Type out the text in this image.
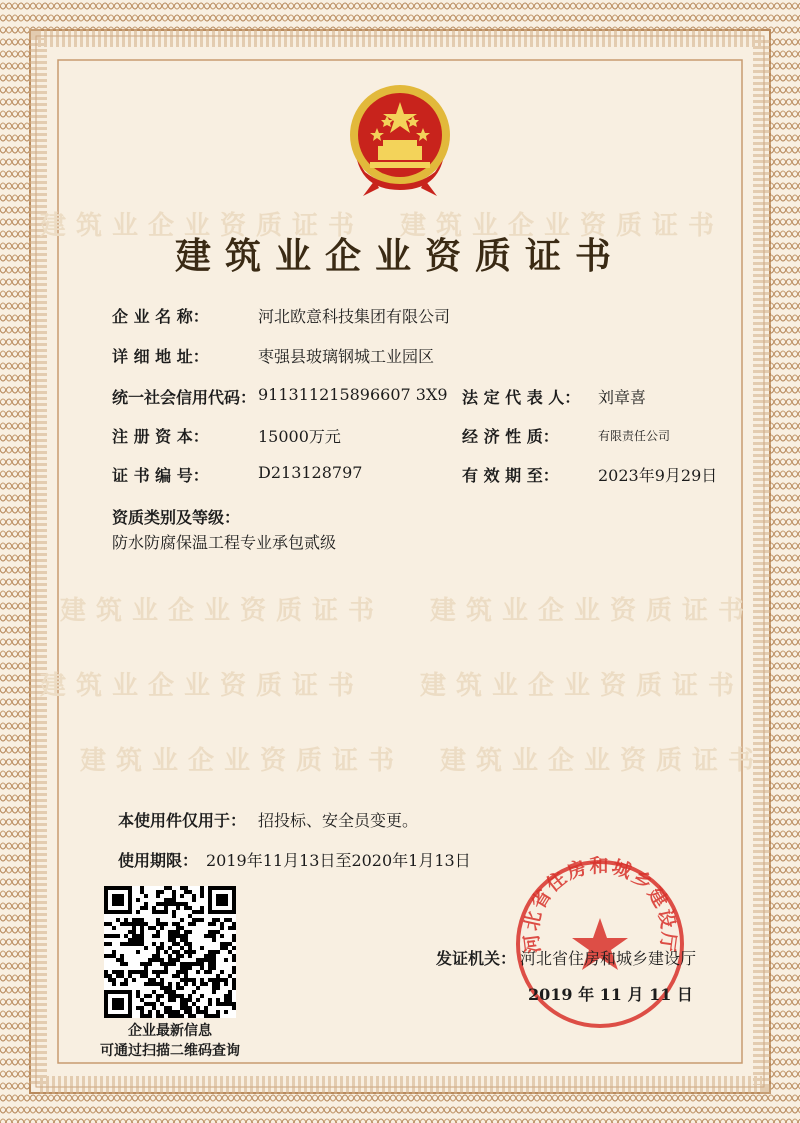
建筑业企业资质证书 建筑业企业资质证书
建筑业企业资质证书 建筑业企业资质证书
建筑业企业资质证书 建筑业企业资质证书
建筑业企业资质证书 建筑业企业资质证书
建筑业企业资质证书
企 业 名 称：	河北欧意科技集团有限公司
详 细 地 址：	枣强县玻璃钢城工业园区
统一社会信用代码： 911311215896607 3X9 法 定 代 表 人： 刘章喜
注 册 资 本：	15000万元	经 济 性 质：	有限责任公司
证 书 编 号：	D213128797	有 效 期 至： 2023年9月29日
资质类别及等级：
防水防腐保温工程专业承包贰级
本使用件仅用于： 招投标、安全员变更。
使用期限： 2019年11月13日至2020年1月13日
企业最新信息
可通过扫描二维码查询
河北省住房和城乡建设厅
发证机关： 河北省住房和城乡建设厅
2019 年 11 月 11 日
